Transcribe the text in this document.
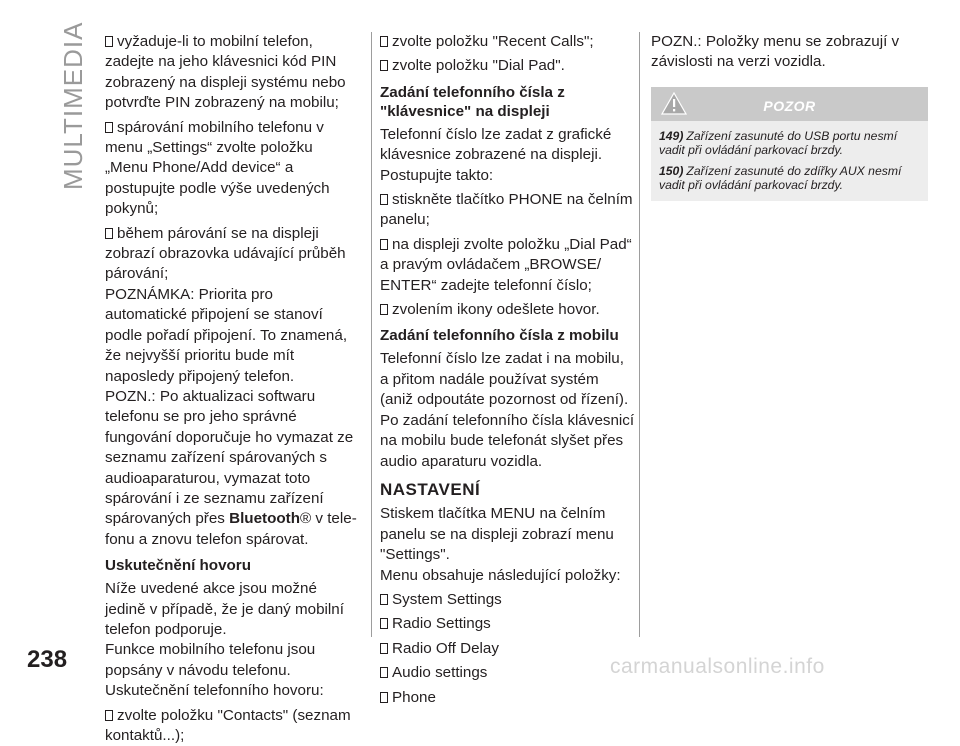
MULTIMEDIA
238	carmanualsonline.info

vyžaduje-li to mobilní telefon, zadejte na jeho klávesnici kód PIN zobrazený na displeji systému nebo potvrďte PIN zobrazený na mobilu;

spárování mobilního telefonu v menu „Settings“ zvolte položku „Menu Phone/Add device“ a postupujte podle výše uvedených pokynů;

během párování se na displeji zobrazí obrazovka udávající průběh párování;

POZNÁMKA: Priorita pro automatické připojení se stanoví podle pořadí připojení. To znamená, že nejvyšší prioritu bude mít naposledy připojený telefon.

POZN.: Po aktualizaci softwaru telefonu se pro jeho správné fungování doporučuje ho vymazat ze seznamu zařízení spárovaných s audioaparaturou, vymazat toto spárování i ze seznamu zařízení spárovaných přes Bluetooth® v telefonu a znovu telefon spárovat.

Uskutečnění hovoru

Níže uvedené akce jsou možné jedině v případě, že je daný mobilní telefon podporuje.

Funkce mobilního telefonu jsou popsány v návodu telefonu.

Uskutečnění telefonního hovoru:

zvolte položku "Contacts" (seznam kontaktů...);

zvolte položku "Recent Calls";

zvolte položku "Dial Pad".

Zadání telefonního čísla z "klávesnice" na displeji

Telefonní číslo lze zadat z grafické klávesnice zobrazené na displeji. Postupujte takto:

stiskněte tlačítko PHONE na čelním panelu;

na displeji zvolte položku „Dial Pad“ a pravým ovládačem „BROWSE/ ENTER“ zadejte telefonní číslo;

zvolením ikony odešlete hovor.

Zadání telefonního čísla z mobilu

Telefonní číslo lze zadat i na mobilu, a přitom nadále používat systém (aniž odpoutáte pozornost od řízení).

Po zadání telefonního čísla klávesnicí na mobilu bude telefonát slyšet přes audio aparaturu vozidla.

NASTAVENÍ

Stiskem tlačítka MENU na čelním panelu se na displeji zobrazí menu "Settings".

Menu obsahuje následující položky:

System Settings

Radio Settings

Radio Off Delay

Audio settings

Phone

POZN.: Položky menu se zobrazují v závislosti na verzi vozidla.

POZOR

149) Zařízení zasunuté do USB portu nesmí vadit při ovládání parkovací brzdy.

150) Zařízení zasunuté do zdířky AUX nesmí vadit při ovládání parkovací brzdy.
